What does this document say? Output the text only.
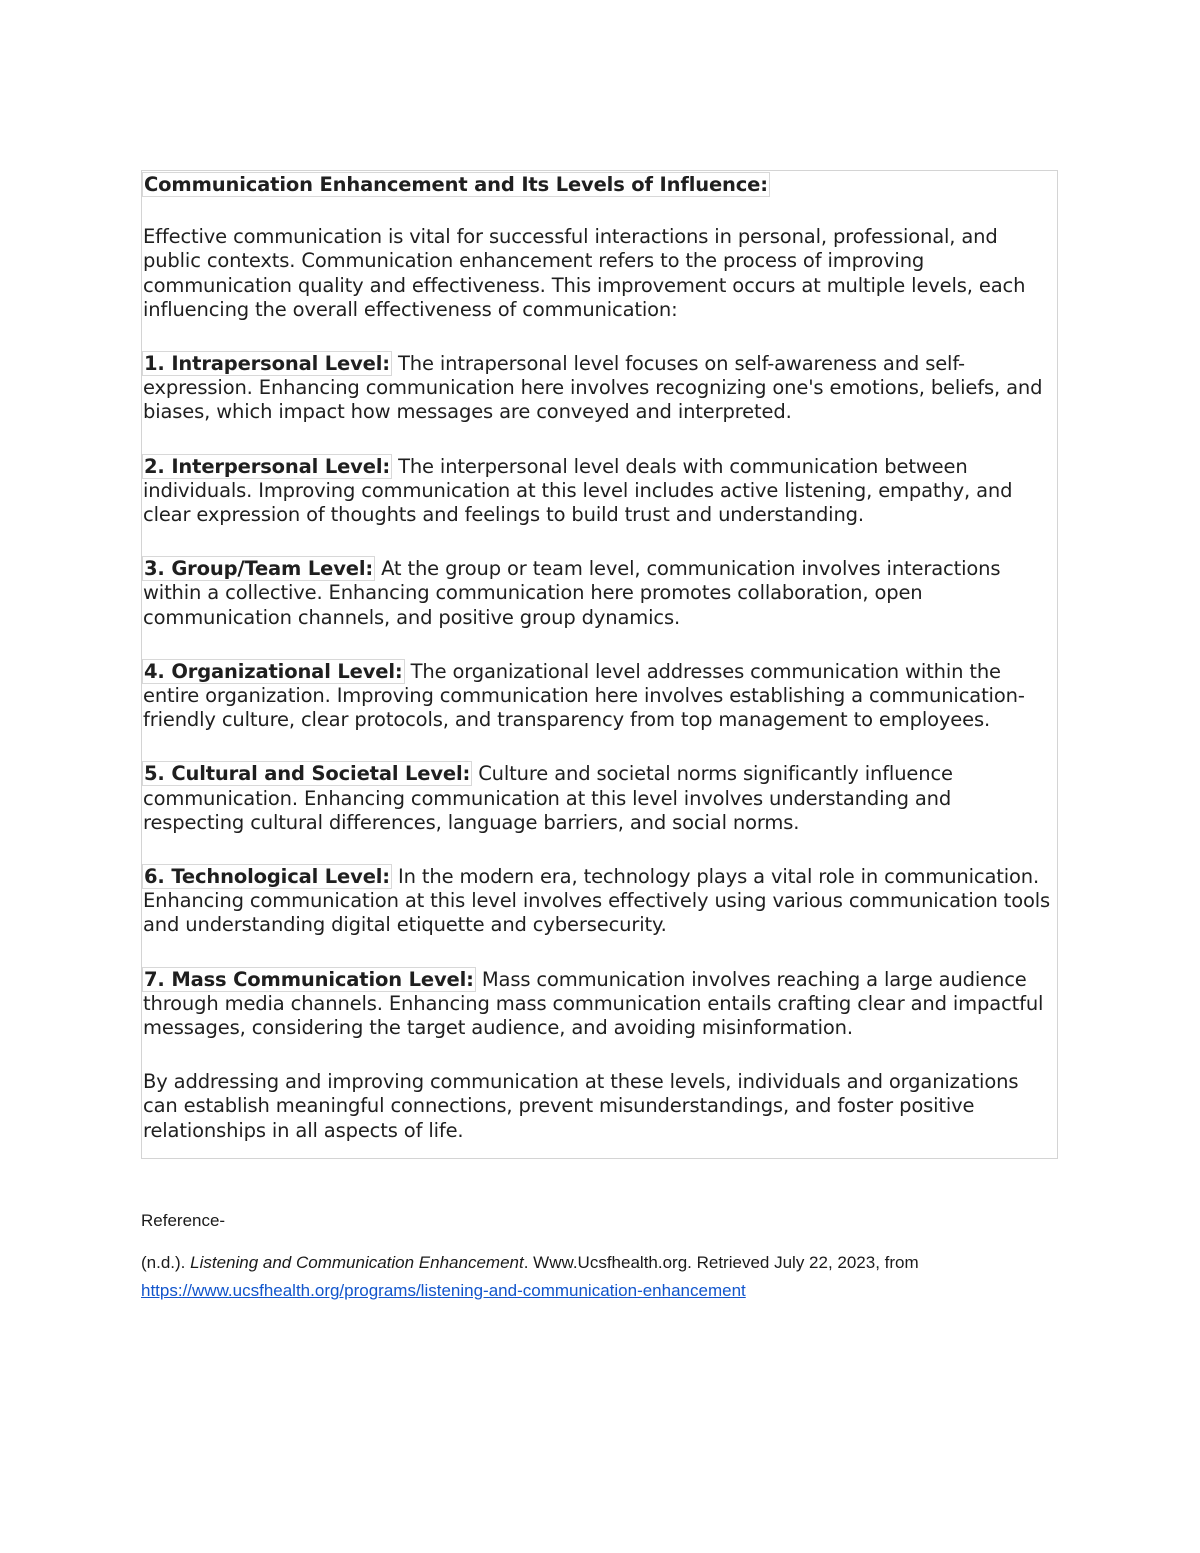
Communication Enhancement and Its Levels of Influence:

Effective communication is vital for successful interactions in personal, professional, and public contexts. Communication enhancement refers to the process of improving communication quality and effectiveness. This improvement occurs at multiple levels, each influencing the overall effectiveness of communication:

1. Intrapersonal Level: The intrapersonal level focuses on self-awareness and self-expression. Enhancing communication here involves recognizing one's emotions, beliefs, and biases, which impact how messages are conveyed and interpreted.

2. Interpersonal Level: The interpersonal level deals with communication between individuals. Improving communication at this level includes active listening, empathy, and clear expression of thoughts and feelings to build trust and understanding.

3. Group/Team Level: At the group or team level, communication involves interactions within a collective. Enhancing communication here promotes collaboration, open communication channels, and positive group dynamics.

4. Organizational Level: The organizational level addresses communication within the entire organization. Improving communication here involves establishing a communication-friendly culture, clear protocols, and transparency from top management to employees.

5. Cultural and Societal Level: Culture and societal norms significantly influence communication. Enhancing communication at this level involves understanding and respecting cultural differences, language barriers, and social norms.

6. Technological Level: In the modern era, technology plays a vital role in communication. Enhancing communication at this level involves effectively using various communication tools and understanding digital etiquette and cybersecurity.

7. Mass Communication Level: Mass communication involves reaching a large audience through media channels. Enhancing mass communication entails crafting clear and impactful messages, considering the target audience, and avoiding misinformation.

By addressing and improving communication at these levels, individuals and organizations can establish meaningful connections, prevent misunderstandings, and foster positive relationships in all aspects of life.

Reference-

(n.d.). Listening and Communication Enhancement. Www.Ucsfhealth.org. Retrieved July 22, 2023, from
https://www.ucsfhealth.org/programs/listening-and-communication-enhancement
